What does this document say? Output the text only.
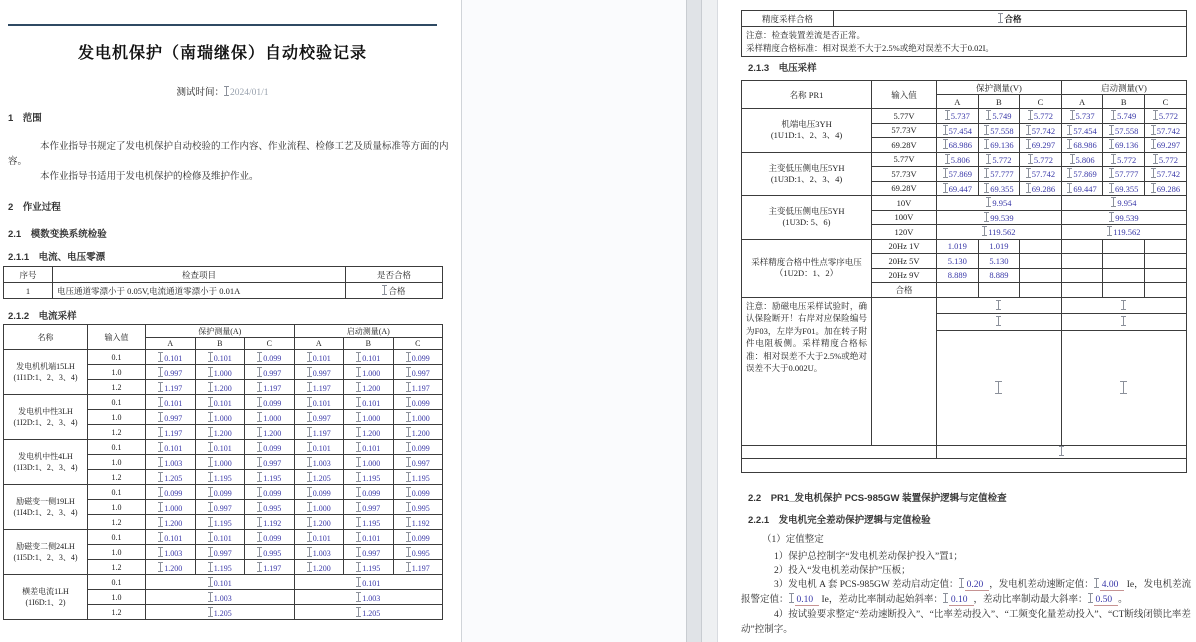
发电机保护（南瑞继保）自动校验记录
测试时间： 2024/01/1
1　范围
本作业指导书规定了发电机保护自动校验的工作内容、作业流程、检修工艺及质量标准等方面的内
容。
本作业指导书适用于发电机保护的检修及维护作业。
2　作业过程
2.1　模数变换系统检验
2.1.1　电流、电压零漂
序号	检查项目	是否合格
1	电压通道零漂小于 0.05V,电流通道零漂小于 0.01A	合格
2.1.2　电流采样
名称	输入值	保护测量(A)			启动测量(A)		
		A	B	C	A	B	C

发电机机端15LH
(1I1D:1、2、3、4)	0.1	0.101	0.101	0.099	0.101	0.101	0.099
	1.0	0.997	1.000	0.997	0.997	1.000	0.997
	1.2	1.197	1.200	1.197	1.197	1.200	1.197

发电机中性3LH
(1I2D:1、2、3、4)	0.1	0.101	0.101	0.099	0.101	0.101	0.099
	1.0	0.997	1.000	1.000	0.997	1.000	1.000
	1.2	1.197	1.200	1.200	1.197	1.200	1.200

发电机中性4LH
(1I3D:1、2、3、4)	0.1	0.101	0.101	0.099	0.101	0.101	0.099
	1.0	1.003	1.000	0.997	1.003	1.000	0.997
	1.2	1.205	1.195	1.195	1.205	1.195	1.195

励磁变一侧19LH
(1I4D:1、2、3、4)	0.1	0.099	0.099	0.099	0.099	0.099	0.099
	1.0	1.000	0.997	0.995	1.000	0.997	0.995
	1.2	1.200	1.195	1.192	1.200	1.195	1.192

励磁变二侧24LH
(1I5D:1、2、3、4)	0.1	0.101	0.101	0.099	0.101	0.101	0.099
	1.0	1.003	0.997	0.995	1.003	0.997	0.995
	1.2	1.200	1.195	1.197	1.200	1.195	1.197

横差电流1LH
(1I6D:1、2)	0.1	0.101			0.101		
	1.0	1.003			1.003		
	1.2	1.205			1.205		
精度采样合格	合格

注意：检查装置差流是否正常。
采样精度合格标准：相对误差不大于2.5%或绝对误差不大于0.02I。
2.1.3　电压采样
名称 PR1	输入值	保护测量(V)			启动测量(V)		
		A	B	C	A	B	C

机端电压3YH
(1U1D:1、2、3、4)	5.77V	5.737	5.749	5.772	5.737	5.749	5.772
	57.73V	57.454	57.558	57.742	57.454	57.558	57.742
	69.28V	68.986	69.136	69.297	68.986	69.136	69.297

主变低压侧电压5YH
(1U3D:1、2、3、4)	5.77V	5.806	5.772	5.772	5.806	5.772	5.772
	57.73V	57.869	57.777	57.742	57.869	57.777	57.742
	69.28V	69.447	69.355	69.286	69.447	69.355	69.286

主变低压侧电压5YH
(1U3D: 5、6)	10V	9.954			9.954		
	100V	99.539			99.539		
	120V	119.562			119.562		

采样精度合格中性点零序电压（1U2D：1、2）	20Hz 1V	1.019	1.019				
	20Hz 5V	5.130	5.130				
	20Hz 9V	8.889	8.889				
	合格						
注意：励磁电压采样试验时，确认保险断开！右岸对应保险编号为F03，左岸为F01。加在转子附件电阻板侧。采样精度合格标准：相对误差不大于2.5%或绝对误差不大于0.002U。							

2.2　PR1_发电机保护 PCS-985GW 装置保护逻辑与定值检查
2.2.1　发电机完全差动保护逻辑与定值检验
（1）定值整定
1）保护总控制字“发电机差动保护投入”置1；
2）投入“发电机差动保护”压板；
3）发电机 A 套 PCS-985GW 差动启动定值： 0.20 ，发电机差动速断定值： 4.00 Ie，发电机差流报警定值： 0.10 Ie，差动比率制动起始斜率： 0.10 ，差动比率制动最大斜率： 0.50 。
4）按试验要求整定“差动速断投入”、“比率差动投入”、“工频变化量差动投入”、“CT断线闭锁比率差动”控制字。
